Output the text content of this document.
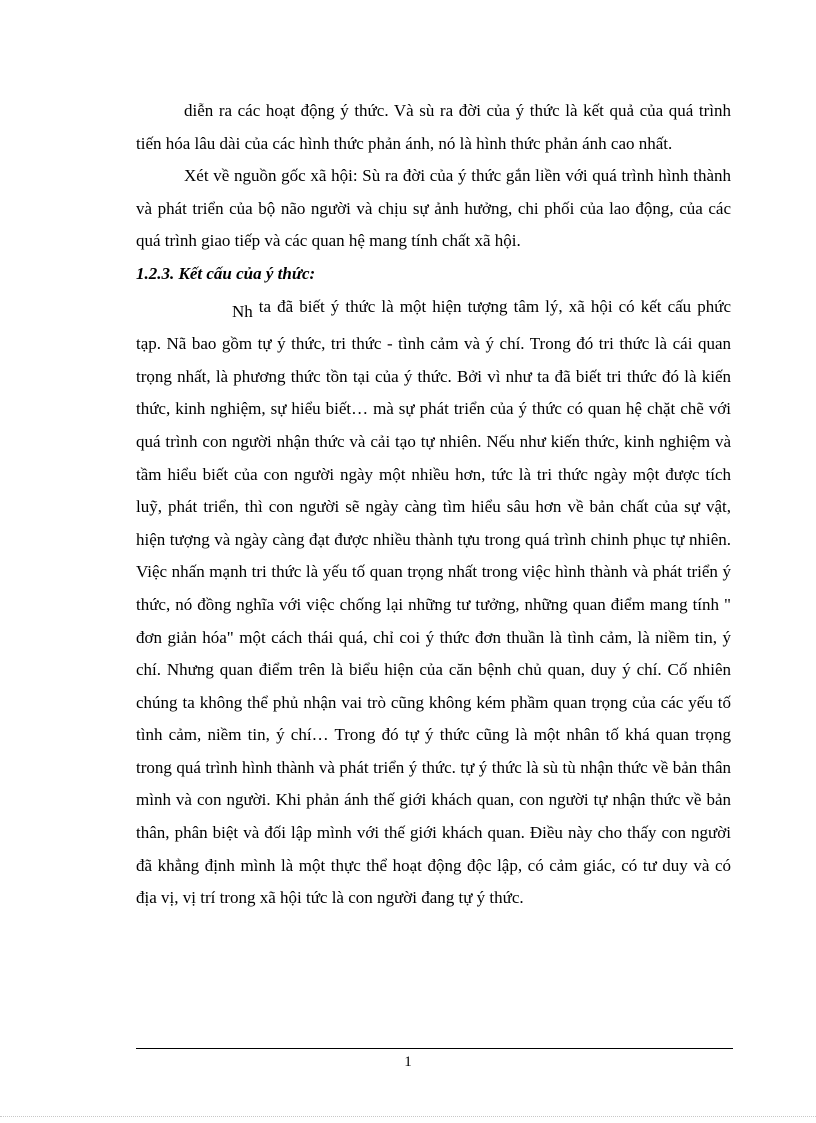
diễn ra các hoạt động ý thức. Và sù ra đời của ý thức là kết quả của quá trình tiến hóa lâu dài của các hình thức phản ánh, nó là hình thức phản ánh cao nhất.

Xét về nguồn gốc xã hội: Sù ra đời của ý thức gắn liền với quá trình hình thành và phát triển của bộ não người và chịu sự ảnh hưởng, chi phối của lao động, của các quá trình giao tiếp và các quan hệ mang tính chất xã hội.

1.2.3. Kết cấu của ý thức:

Nh ta đã biết ý thức là một hiện tượng tâm lý, xã hội có kết cấu phức tạp. Nã bao gồm tự ý thức, tri thức - tình cảm và ý chí. Trong đó tri thức là cái quan trọng nhất, là phương thức tồn tại của ý thức. Bởi vì như ta đã biết tri thức đó là kiến thức, kinh nghiệm, sự hiểu biết… mà sự phát triển của ý thức có quan hệ chặt chẽ với quá trình con người nhận thức và cải tạo tự nhiên. Nếu như kiến thức, kinh nghiệm và tầm hiểu biết của con người ngày một nhiều hơn, tức là tri thức ngày một được tích luỹ, phát triển, thì con người sẽ ngày càng tìm hiểu sâu hơn về bản chất của sự vật, hiện tượng và ngày càng đạt được nhiều thành tựu trong quá trình chinh phục tự nhiên. Việc nhấn mạnh tri thức là yếu tố quan trọng nhất trong việc hình thành và phát triển ý thức, nó đồng nghĩa với việc chống lại những tư tưởng, những quan điểm mang tính " đơn giản hóa" một cách thái quá, chỉ coi ý thức đơn thuần là tình cảm, là niềm tin, ý chí. Nhưng quan điểm trên là biểu hiện của căn bệnh chủ quan, duy ý chí. Cố nhiên chúng ta không thể phủ nhận vai trò cũng không kém phầm quan trọng của các yếu tố tình cảm, niềm tin, ý chí… Trong đó tự ý thức cũng là một nhân tố khá quan trọng trong quá trình hình thành và phát triển ý thức. tự ý thức là sù tù nhận thức về bản thân mình và con người. Khi phản ánh thế giới khách quan, con người tự nhận thức về bản thân, phân biệt và đối lập mình với thế giới khách quan. Điều này cho thấy con người đã khẳng định mình là một thực thể hoạt động độc lập, có cảm giác, có tư duy và có địa vị, vị trí trong xã hội tức là con người đang tự ý thức.

1
